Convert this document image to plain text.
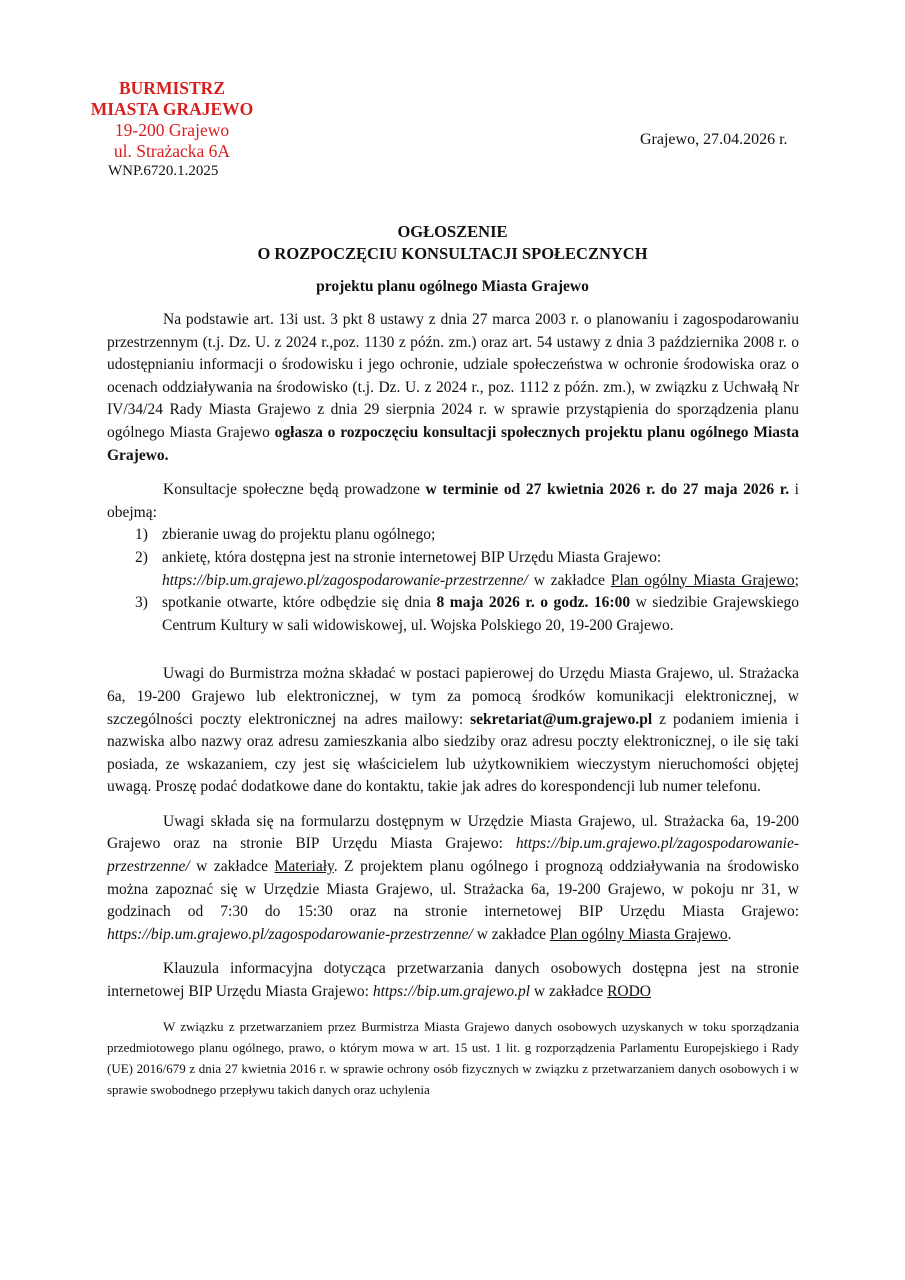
BURMISTRZ
MIASTA GRAJEWO
19-200 Grajewo
ul. Strażacka 6A
WNP.6720.1.2025
Grajewo, 27.04.2026 r.
OGŁOSZENIE
O ROZPOCZĘCIU KONSULTACJI SPOŁECZNYCH
projektu planu ogólnego Miasta Grajewo

Na podstawie art. 13i ust. 3 pkt 8 ustawy z dnia 27 marca 2003 r. o planowaniu i zagospodarowaniu przestrzennym (t.j. Dz. U. z 2024 r.,poz. 1130 z późn. zm.) oraz art. 54 ustawy z dnia 3 października 2008 r. o udostępnianiu informacji o środowisku i jego ochronie, udziale społeczeństwa w ochronie środowiska oraz o ocenach oddziaływania na środowisko (t.j. Dz. U. z 2024 r., poz. 1112 z późn. zm.), w związku z Uchwałą Nr IV/34/24 Rady Miasta Grajewo z dnia 29 sierpnia 2024 r. w sprawie przystąpienia do sporządzenia planu ogólnego Miasta Grajewo ogłasza o rozpoczęciu konsultacji społecznych projektu planu ogólnego Miasta Grajewo.

Konsultacje społeczne będą prowadzone w terminie od 27 kwietnia 2026 r. do 27 maja 2026 r. i obejmą:

1) zbieranie uwag do projektu planu ogólnego;
2) ankietę, która dostępna jest na stronie internetowej BIP Urzędu Miasta Grajewo:
https://bip.um.grajewo.pl/zagospodarowanie-przestrzenne/ w zakładce Plan ogólny Miasta Grajewo;
3) spotkanie otwarte, które odbędzie się dnia 8 maja 2026 r. o godz. 16:00 w siedzibie Grajewskiego Centrum Kultury w sali widowiskowej, ul. Wojska Polskiego 20, 19-200 Grajewo.

Uwagi do Burmistrza można składać w postaci papierowej do Urzędu Miasta Grajewo, ul. Strażacka 6a, 19-200 Grajewo lub elektronicznej, w tym za pomocą środków komunikacji elektronicznej, w szczególności poczty elektronicznej na adres mailowy: sekretariat@um.grajewo.pl z podaniem imienia i nazwiska albo nazwy oraz adresu zamieszkania albo siedziby oraz adresu poczty elektronicznej, o ile się taki posiada, ze wskazaniem, czy jest się właścicielem lub użytkownikiem wieczystym nieruchomości objętej uwagą. Proszę podać dodatkowe dane do kontaktu, takie jak adres do korespondencji lub numer telefonu.

Uwagi składa się na formularzu dostępnym w Urzędzie Miasta Grajewo, ul. Strażacka 6a, 19-200 Grajewo oraz na stronie BIP Urzędu Miasta Grajewo: https://bip.um.grajewo.pl/zagospodarowanie-przestrzenne/ w zakładce Materiały. Z projektem planu ogólnego i prognozą oddziaływania na środowisko można zapoznać się w Urzędzie Miasta Grajewo, ul. Strażacka 6a, 19-200 Grajewo, w pokoju nr 31, w godzinach od 7:30 do 15:30 oraz na stronie internetowej BIP Urzędu Miasta Grajewo: https://bip.um.grajewo.pl/zagospodarowanie-przestrzenne/ w zakładce Plan ogólny Miasta Grajewo.

Klauzula informacyjna dotycząca przetwarzania danych osobowych dostępna jest na stronie internetowej BIP Urzędu Miasta Grajewo: https://bip.um.grajewo.pl w zakładce RODO

W związku z przetwarzaniem przez Burmistrza Miasta Grajewo danych osobowych uzyskanych w toku sporządzania przedmiotowego planu ogólnego, prawo, o którym mowa w art. 15 ust. 1 lit. g rozporządzenia Parlamentu Europejskiego i Rady (UE) 2016/679 z dnia 27 kwietnia 2016 r. w sprawie ochrony osób fizycznych w związku z przetwarzaniem danych osobowych i w sprawie swobodnego przepływu takich danych oraz uchylenia
